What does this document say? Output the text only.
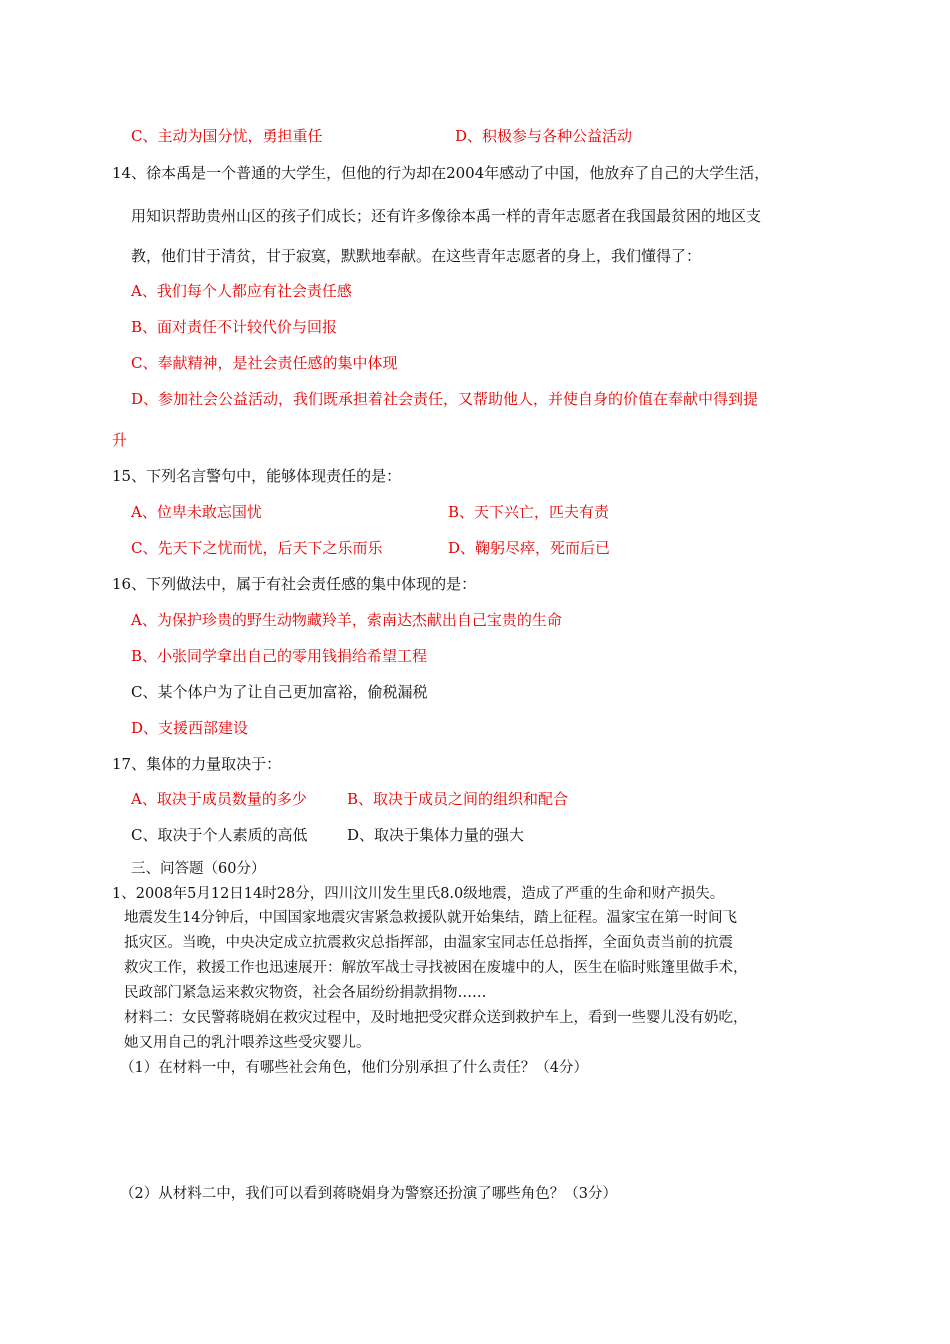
C、主动为国分忧，勇担重任	D、积极参与各种公益活动
14、徐本禹是一个普通的大学生，但他的行为却在2004年感动了中国，他放弃了自己的大学生活，
用知识帮助贵州山区的孩子们成长；还有许多像徐本禹一样的青年志愿者在我国最贫困的地区支
教，他们甘于清贫，甘于寂寞，默默地奉献。在这些青年志愿者的身上，我们懂得了：
A、我们每个人都应有社会责任感
B、面对责任不计较代价与回报
C、奉献精神，是社会责任感的集中体现
D、参加社会公益活动，我们既承担着社会责任，又帮助他人，并使自身的价值在奉献中得到提
升
15、下列名言警句中，能够体现责任的是：
A、位卑未敢忘国忧	B、天下兴亡，匹夫有责
C、先天下之忧而忧，后天下之乐而乐	D、鞠躬尽瘁，死而后已
16、下列做法中，属于有社会责任感的集中体现的是：
A、为保护珍贵的野生动物藏羚羊，索南达杰献出自己宝贵的生命
B、小张同学拿出自己的零用钱捐给希望工程
C、某个体户为了让自己更加富裕，偷税漏税
D、支援西部建设
17、集体的力量取决于：
A、取决于成员数量的多少	B、取决于成员之间的组织和配合
C、取决于个人素质的高低	D、取决于集体力量的强大
三、问答题（60分）
1、2008年5月12日14时28分，四川汶川发生里氏8.0级地震，造成了严重的生命和财产损失。
地震发生14分钟后，中国国家地震灾害紧急救援队就开始集结，踏上征程。温家宝在第一时间飞
抵灾区。当晚，中央决定成立抗震救灾总指挥部，由温家宝同志任总指挥，全面负责当前的抗震
救灾工作，救援工作也迅速展开：解放军战士寻找被困在废墟中的人，医生在临时账篷里做手术，
民政部门紧急运来救灾物资，社会各届纷纷捐款捐物……
材料二：女民警蒋晓娟在救灾过程中，及时地把受灾群众送到救护车上，看到一些婴儿没有奶吃，
她又用自己的乳汁喂养这些受灾婴儿。
（1）在材料一中，有哪些社会角色，他们分别承担了什么责任？（4分）
（2）从材料二中，我们可以看到蒋晓娟身为警察还扮演了哪些角色？（3分）
